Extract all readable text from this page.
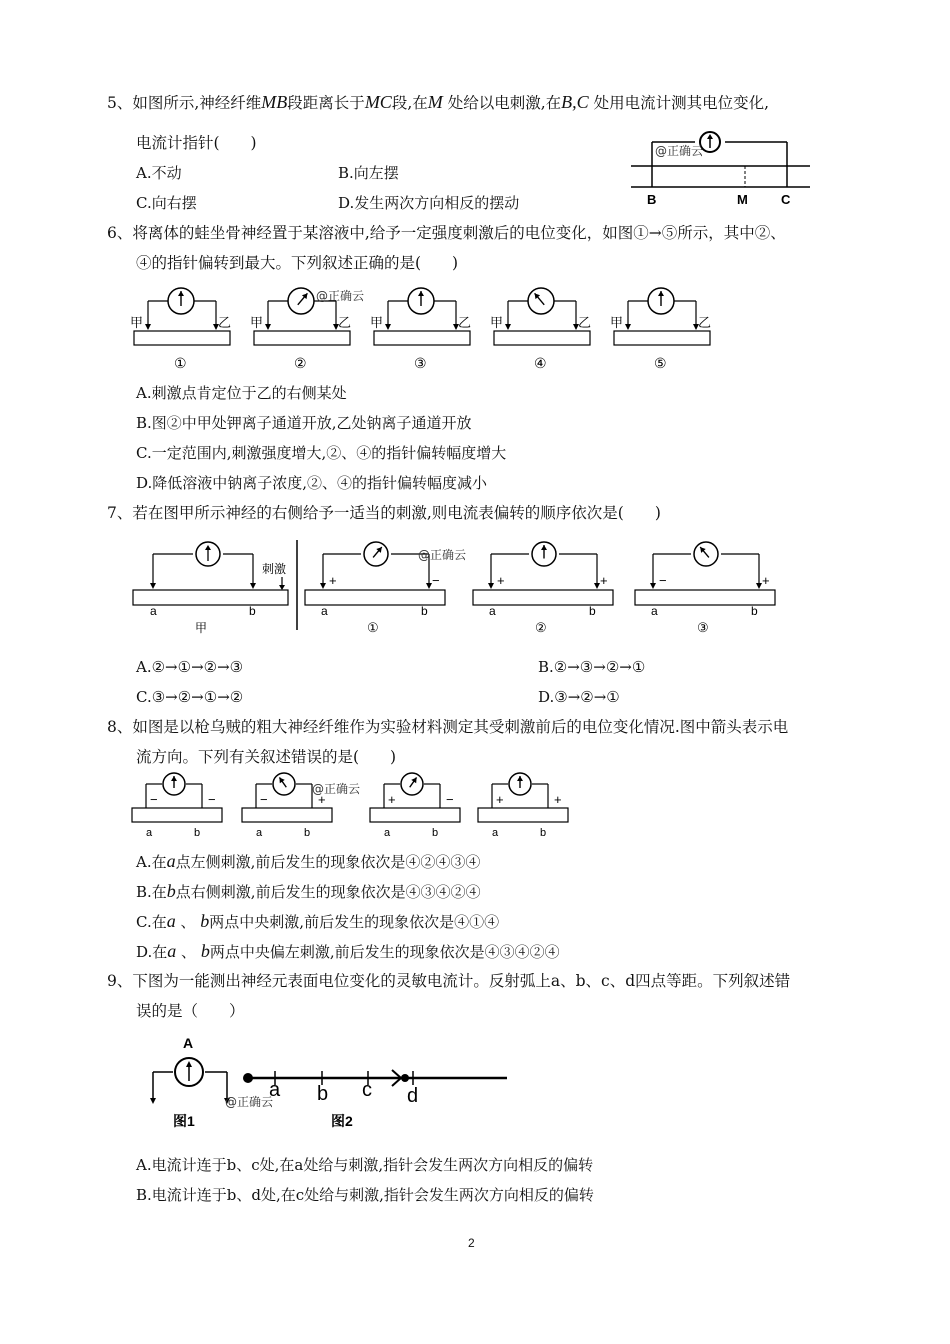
5、如图所示,神经纤维MB段距离长于MC段,在M 处给以电刺激,在B,C 处用电流计测其电位变化,
电流计指针(　　)
A.不动	B.向左摆
C.向右摆	D.发生两次方向相反的摆动
@正确云
B	M	C
6、将离体的蛙坐骨神经置于某溶液中,给予一定强度刺激后的电位变化，如图①→⑤所示，其中②、
④的指针偏转到最大。下列叙述正确的是(　　)
甲	乙
①
甲	乙
②
甲	乙
③
甲	乙
④
甲	乙
⑤
@正确云
A.刺激点肯定位于乙的右侧某处
B.图②中甲处钾离子通道开放,乙处钠离子通道开放
C.一定范围内,刺激强度增大,②、④的指针偏转幅度增大
D.降低溶液中钠离子浓度,②、④的指针偏转幅度减小
7、若在图甲所示神经的右侧给予一适当的刺激,则电流表偏转的顺序依次是(　　)
刺激
a	b
甲
+	−
a	b
①
+	+
a	b
②
−	+
a	b
③
@正确云
A.②→①→②→③	B.②→③→②→①
C.③→②→①→②	D.③→②→①
8、如图是以枪乌贼的粗大神经纤维作为实验材料测定其受刺激前后的电位变化情况.图中箭头表示电
流方向。下列有关叙述错误的是(　　)
−	−
a	b
−	+
a	b
+	−
a	b
+	+
a	b
@正确云
A.在a点左侧刺激,前后发生的现象依次是④②④③④
B.在b点右侧刺激,前后发生的现象依次是④③④②④
C.在a 、 b两点中央刺激,前后发生的现象依次是④①④
D.在a 、 b两点中央偏左刺激,前后发生的现象依次是④③④②④
9、下图为一能测出神经元表面电位变化的灵敏电流计。反射弧上a、b、c、d四点等距。下列叙述错
误的是（　　）
A
图1
@正确云
a b c d
图2
A.电流计连于b、c处,在a处给与刺激,指针会发生两次方向相反的偏转
B.电流计连于b、d处,在c处给与刺激,指针会发生两次方向相反的偏转
2
